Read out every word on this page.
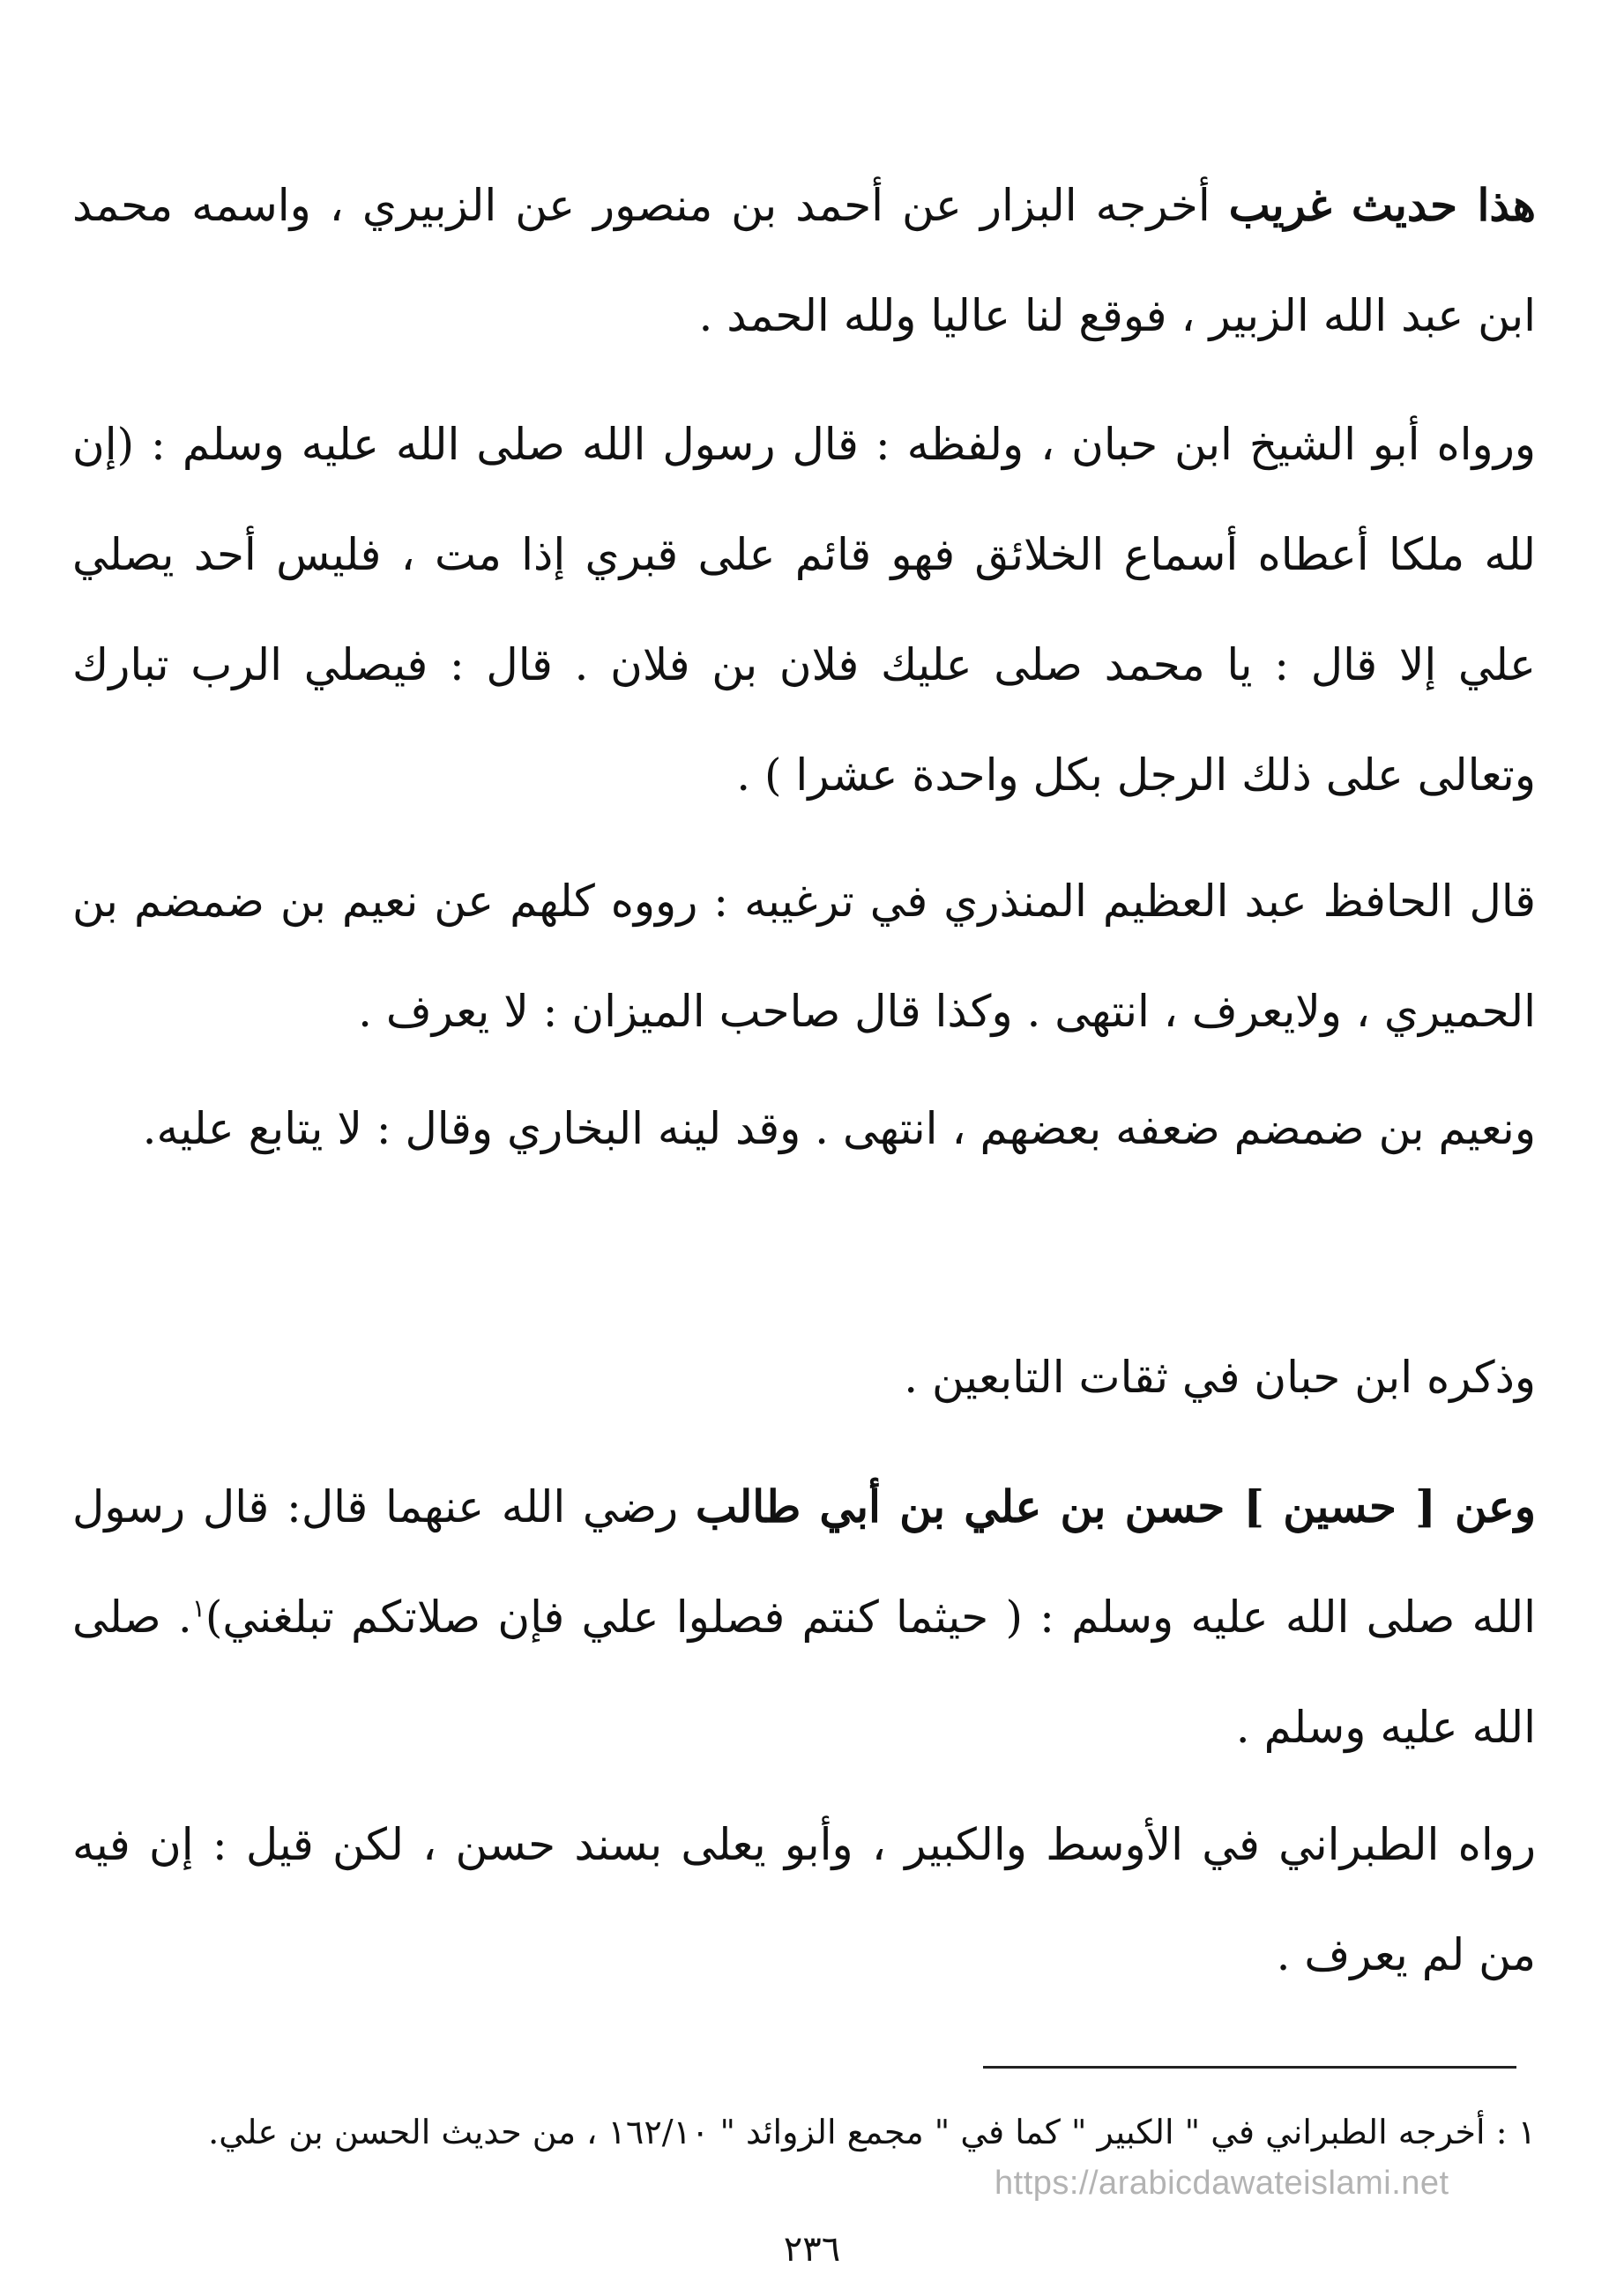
هذا حديث غريب أخرجه البزار عن أحمد بن منصور عن الزبيري ، واسمه محمد ابن عبد الله الزبير ، فوقع لنا عاليا ولله الحمد .

ورواه أبو الشيخ ابن حبان ، ولفظه : قال رسول الله صلى الله عليه وسلم : (إن لله ملكا أعطاه أسماع الخلائق فهو قائم على قبري إذا مت ، فليس أحد يصلي علي إلا قال : يا محمد صلى عليك فلان بن فلان . قال : فيصلي الرب تبارك وتعالى على ذلك الرجل بكل واحدة عشرا ) .

قال الحافظ عبد العظيم المنذري في ترغيبه : رووه كلهم عن نعيم بن ضمضم بن الحميري ، ولايعرف ، انتهى . وكذا قال صاحب الميزان : لا يعرف .

ونعيم بن ضمضم ضعفه بعضهم ، انتهى . وقد لينه البخاري وقال : لا يتابع عليه.

وذكره ابن حبان في ثقات التابعين .

وعن [ حسين ] حسن بن علي بن أبي طالب رضي الله عنهما قال: قال رسول الله صلى الله عليه وسلم : ( حيثما كنتم فصلوا علي فإن صلاتكم تبلغني)$^١$. صلى الله عليه وسلم .

رواه الطبراني في الأوسط والكبير ، وأبو يعلى بسند حسن ، لكن قيل : إن فيه من لم يعرف .

١ : أخرجه الطبراني في " الكبير " كما في " مجمع الزوائد " ١٦٢/١٠ ، من حديث الحسن بن علي.

https://arabicdawateislami.net
٢٣٦
